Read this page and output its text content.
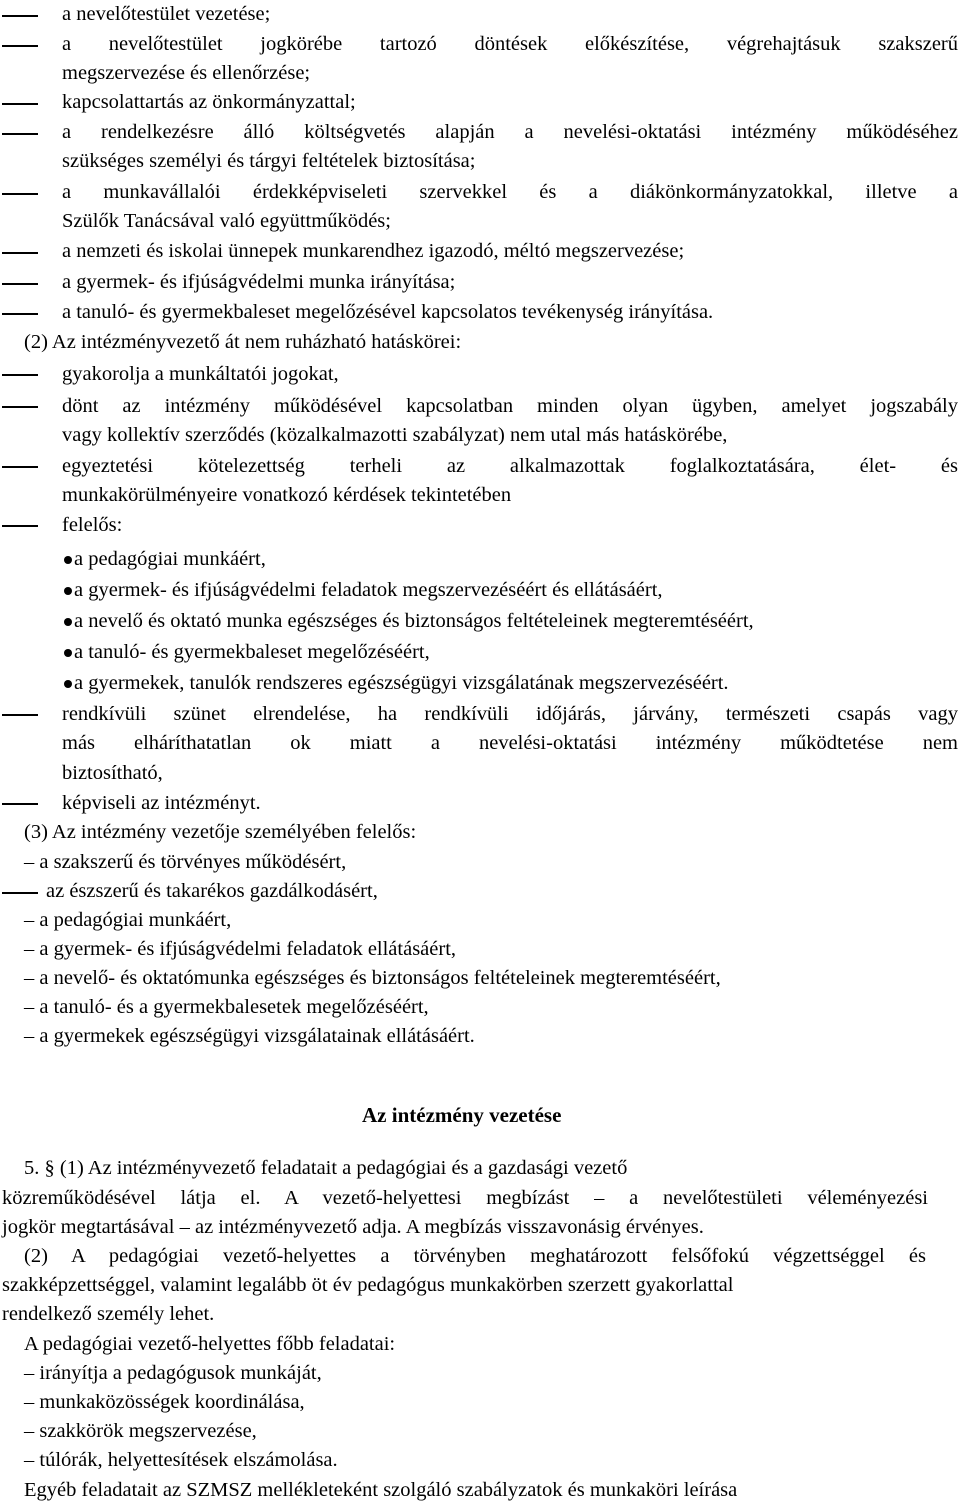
a nevelőtestület vezetése;
a nevelőtestület jogkörébe tartozó döntések előkészítése, végrehajtásuk szakszerű
megszervezése és ellenőrzése;
kapcsolattartás az önkormányzattal;
a rendelkezésre álló költségvetés alapján a nevelési-oktatási intézmény működéséhez
szükséges személyi és tárgyi feltételek biztosítása;
a munkavállalói érdekképviseleti szervekkel és a diákönkormányzatokkal, illetve a
Szülők Tanácsával való együttműködés;
a nemzeti és iskolai ünnepek munkarendhez igazodó, méltó megszervezése;
a gyermek- és ifjúságvédelmi munka irányítása;
a tanuló- és gyermekbaleset megelőzésével kapcsolatos tevékenység irányítása.
(2) Az intézményvezető át nem ruházható hatáskörei:
gyakorolja a munkáltatói jogokat,
dönt az intézmény működésével kapcsolatban minden olyan ügyben, amelyet jogszabály
vagy kollektív szerződés (közalkalmazotti szabályzat) nem utal más hatáskörébe,
egyeztetési kötelezettség terheli az alkalmazottak foglalkoztatására, élet- és
munkakörülményeire vonatkozó kérdések tekintetében
felelős:
a pedagógiai munkáért,
a gyermek- és ifjúságvédelmi feladatok megszervezéséért és ellátásáért,
a nevelő és oktató munka egészséges és biztonságos feltételeinek megteremtéséért,
a tanuló- és gyermekbaleset megelőzéséért,
a gyermekek, tanulók rendszeres egészségügyi vizsgálatának megszervezéséért.
rendkívüli szünet elrendelése, ha rendkívüli időjárás, járvány, természeti csapás vagy
más elháríthatatlan ok miatt a nevelési-oktatási intézmény működtetése nem
biztosítható,
képviseli az intézményt.
(3) Az intézmény vezetője személyében felelős:
– a szakszerű és törvényes működésért,
az észszerű és takarékos gazdálkodásért,
– a pedagógiai munkáért,
– a gyermek- és ifjúságvédelmi feladatok ellátásáért,
– a nevelő- és oktatómunka egészséges és biztonságos feltételeinek megteremtéséért,
– a tanuló- és a gyermekbalesetek megelőzéséért,
– a gyermekek egészségügyi vizsgálatainak ellátásáért.
Az intézmény vezetése
5. § (1) Az intézményvezető feladatait a pedagógiai és a gazdasági vezető
közreműködésével látja el. A vezető-helyettesi megbízást – a nevelőtestületi véleményezési
jogkör megtartásával – az intézményvezető adja. A megbízás visszavonásig érvényes.
(2) A pedagógiai vezető-helyettes a törvényben meghatározott felsőfokú végzettséggel és
szakképzettséggel, valamint legalább öt év pedagógus munkakörben szerzett gyakorlattal
rendelkező személy lehet.
A pedagógiai vezető-helyettes főbb feladatai:
– irányítja a pedagógusok munkáját,
– munkaközösségek koordinálása,
– szakkörök megszervezése,
– túlórák, helyettesítések elszámolása.
Egyéb feladatait az SZMSZ mellékleteként szolgáló szabályzatok és munkaköri leírása
